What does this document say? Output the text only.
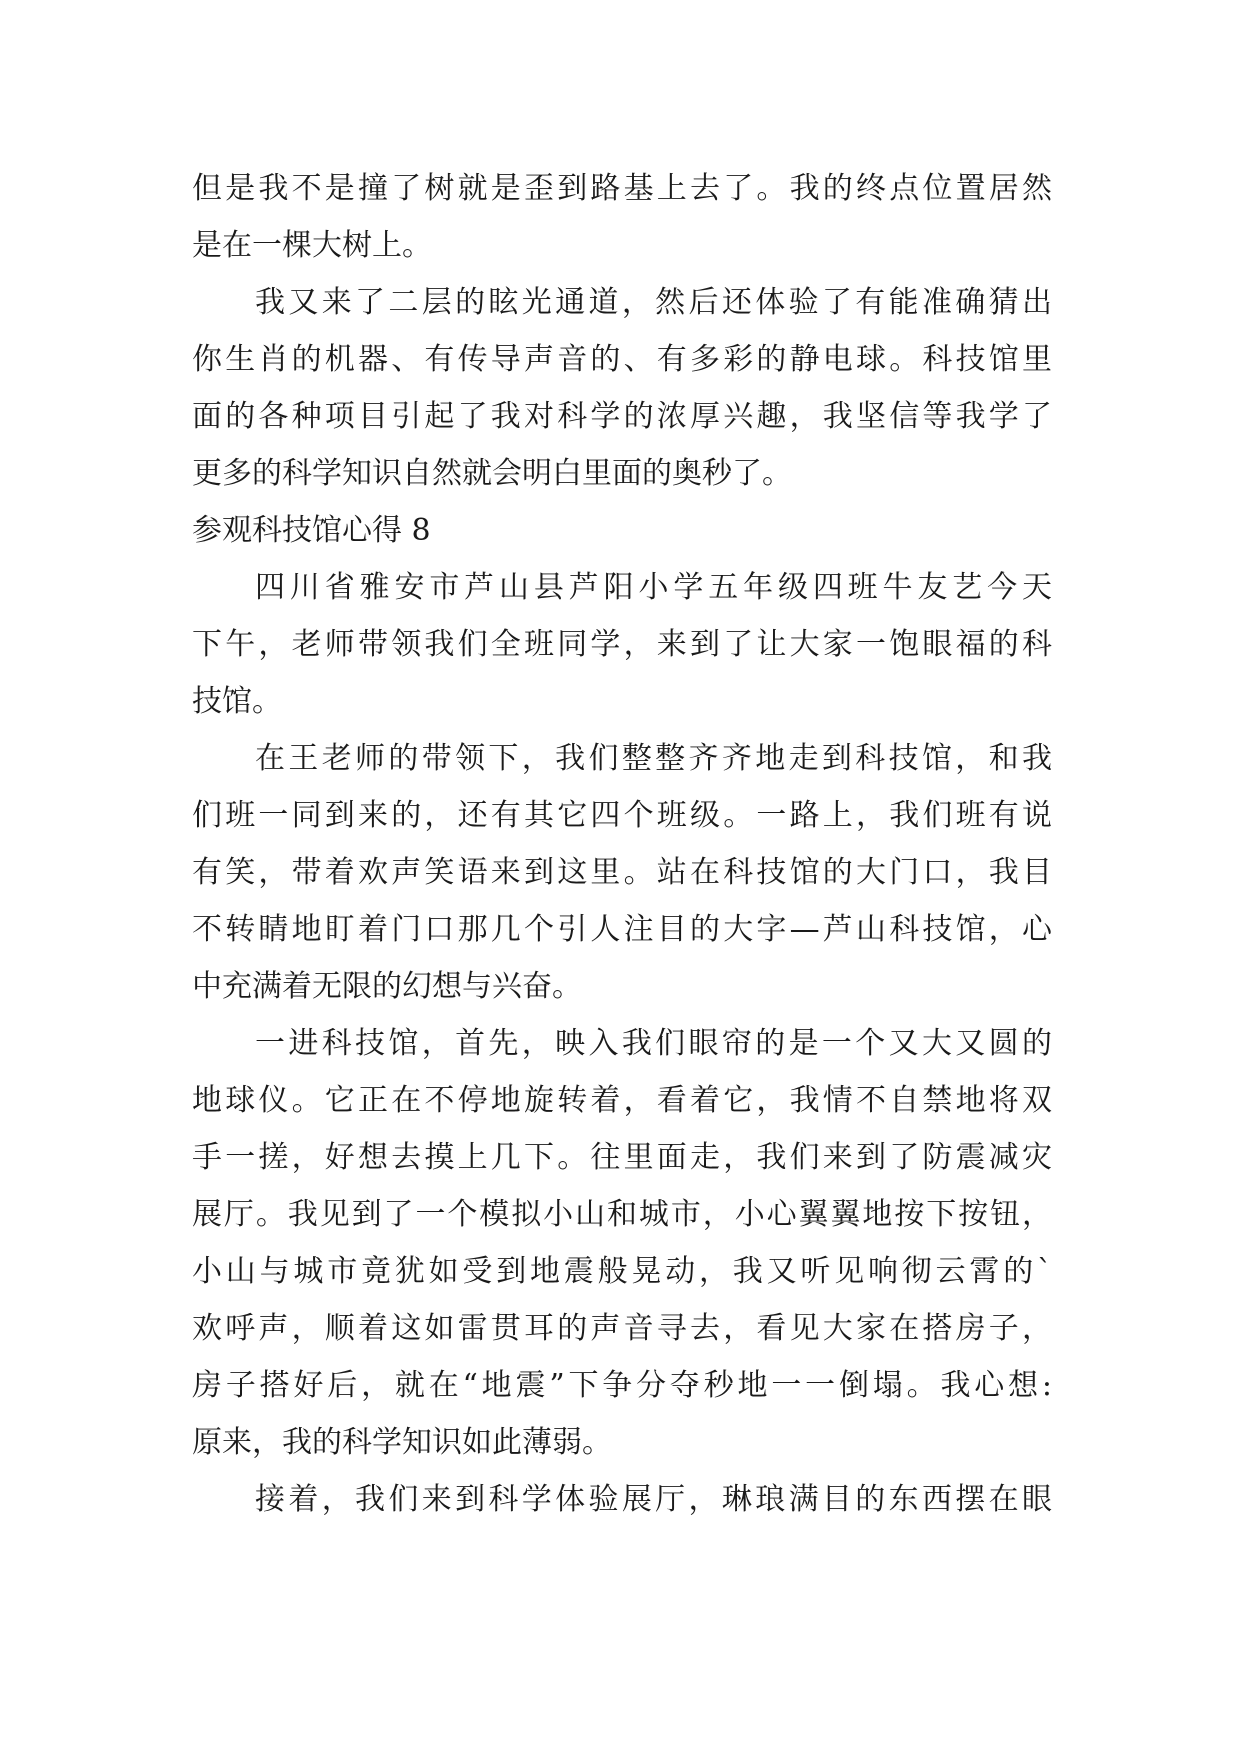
但是我不是撞了树就是歪到路基上去了。我的终点位置居然
是在一棵大树上。
我又来了二层的眩光通道，然后还体验了有能准确猜出
你生肖的机器、有传导声音的、有多彩的静电球。科技馆里
面的各种项目引起了我对科学的浓厚兴趣，我坚信等我学了
更多的科学知识自然就会明白里面的奥秒了。
参观科技馆心得 8
四川省雅安市芦山县芦阳小学五年级四班牛友艺今天
下午，老师带领我们全班同学，来到了让大家一饱眼福的科
技馆。
在王老师的带领下，我们整整齐齐地走到科技馆，和我
们班一同到来的，还有其它四个班级。一路上，我们班有说
有笑，带着欢声笑语来到这里。站在科技馆的大门口，我目
不转睛地盯着门口那几个引人注目的大字—芦山科技馆，心
中充满着无限的幻想与兴奋。
一进科技馆，首先，映入我们眼帘的是一个又大又圆的
地球仪。它正在不停地旋转着，看着它，我情不自禁地将双
手一搓，好想去摸上几下。往里面走，我们来到了防震减灾
展厅。我见到了一个模拟小山和城市，小心翼翼地按下按钮，
小山与城市竟犹如受到地震般晃动，我又听见响彻云霄的`
欢呼声，顺着这如雷贯耳的声音寻去，看见大家在搭房子，
房子搭好后，就在“地震”下争分夺秒地一一倒塌。我心想:
原来，我的科学知识如此薄弱。
接着，我们来到科学体验展厅，琳琅满目的东西摆在眼
